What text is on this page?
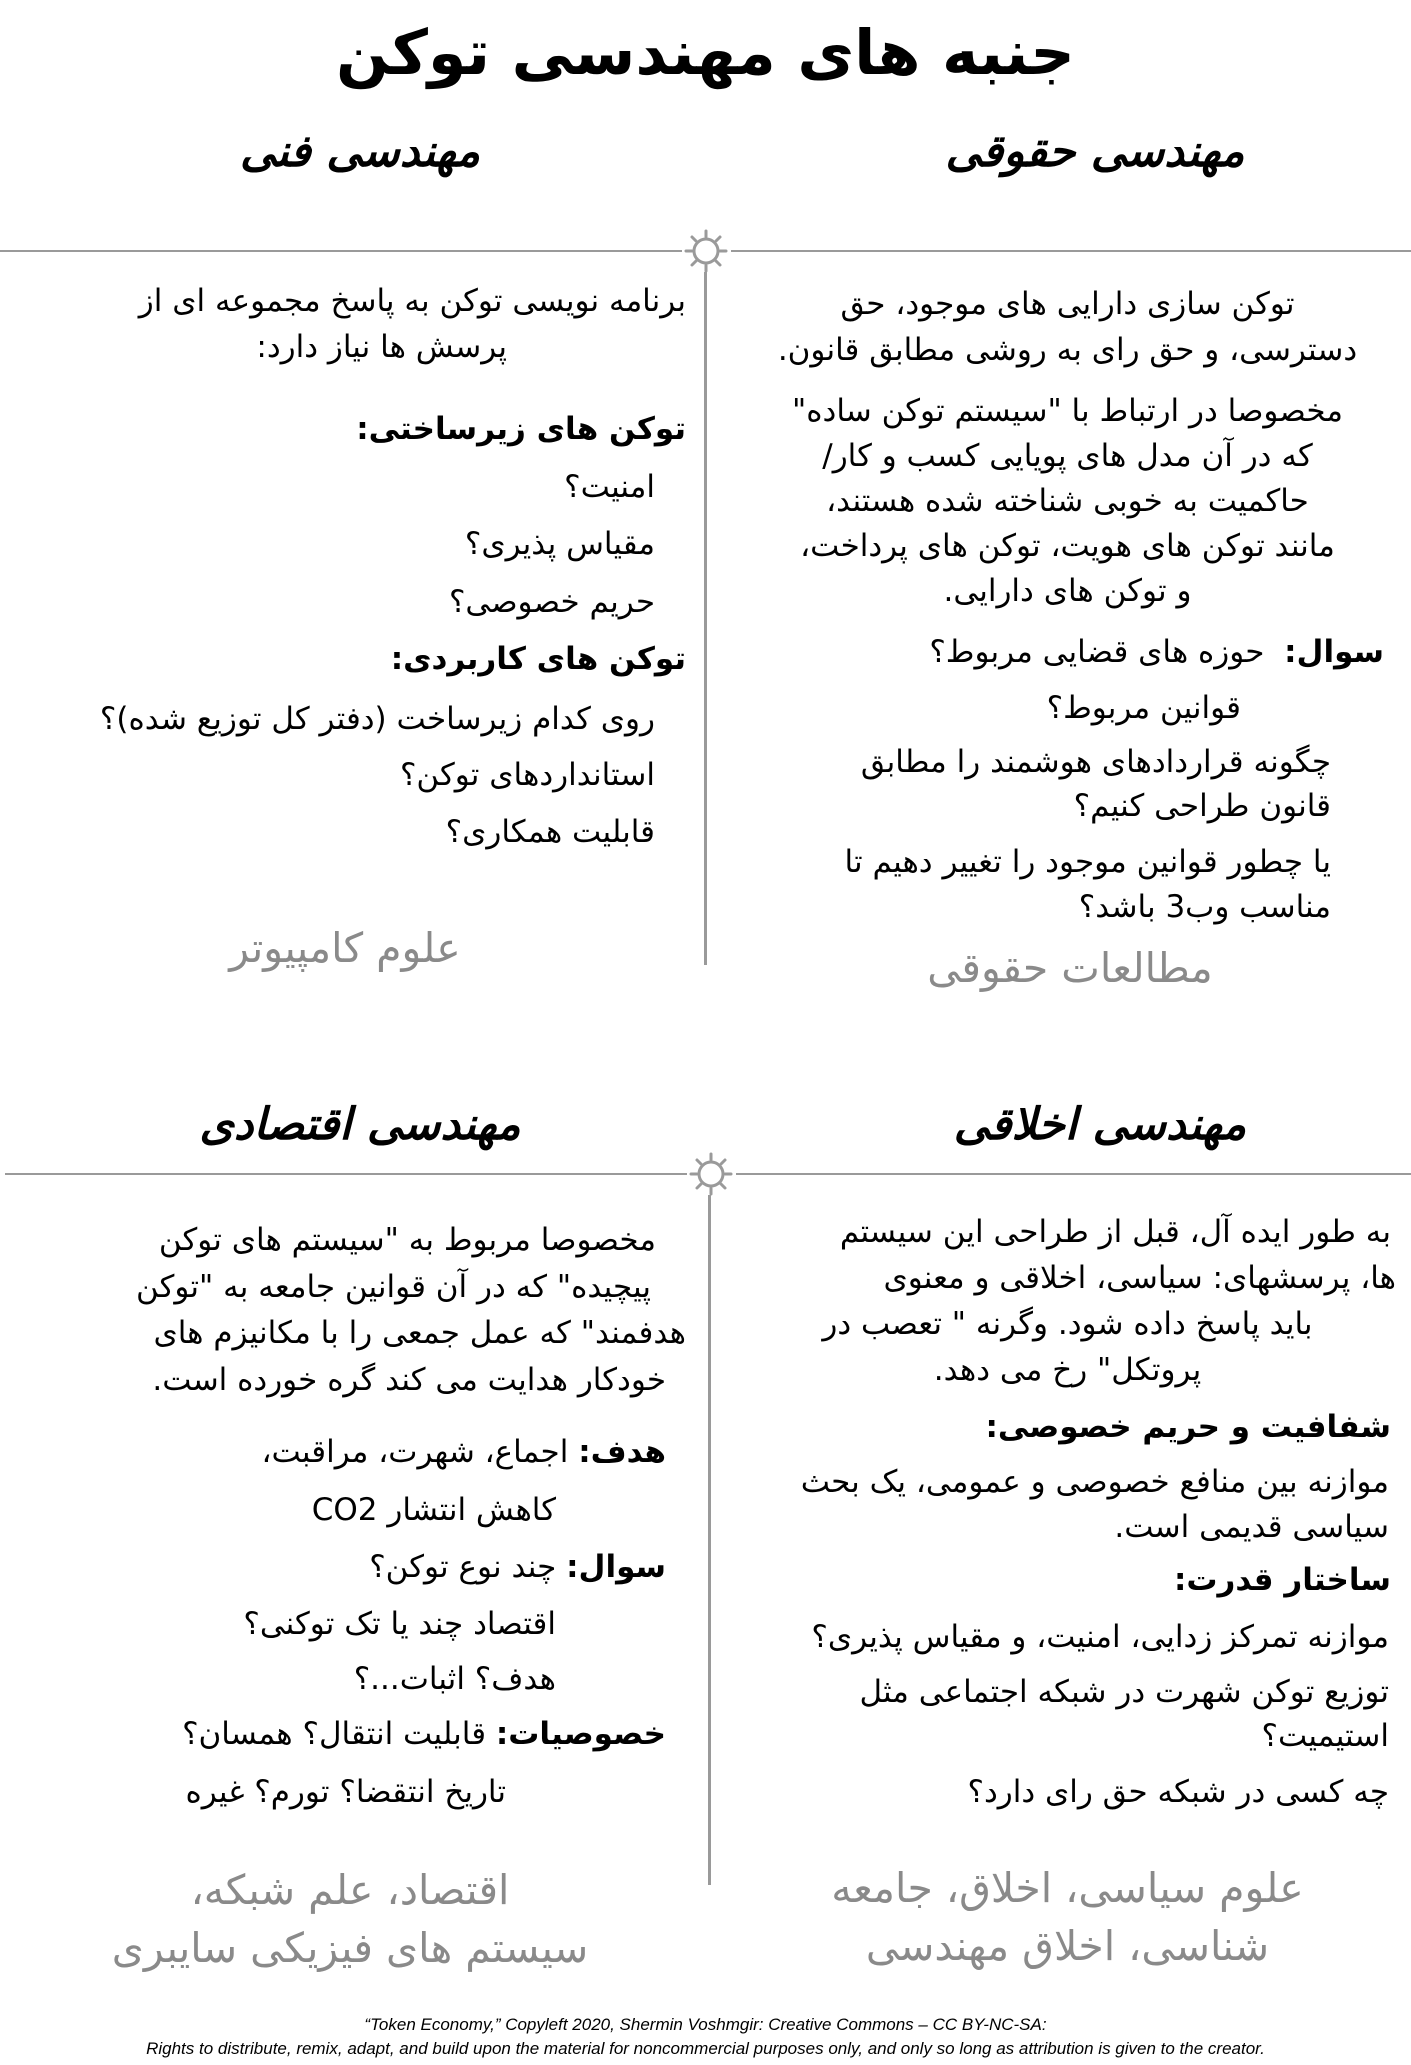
جنبه های مهندسی توکن
مهندسی فنی	مهندسی حقوقی
برنامه نویسی توکن به پاسخ مجموعه ای از
پرسش ها نیاز دارد:
توکن های زیرساختی:
امنیت؟
مقیاس پذیری؟
حریم خصوصی؟
توکن های کاربردی:
روی کدام زیرساخت (دفتر کل توزیع شده)؟
استانداردهای توکن؟
قابلیت همکاری؟
علوم کامپیوتر
توکن سازی دارایی های موجود، حق
دسترسی، و حق رای به روشی مطابق قانون.
مخصوصا در ارتباط با "سیستم توکن ساده"
که در آن مدل های پویایی کسب و کار/
حاکمیت به خوبی شناخته شده هستند،
مانند توکن های هویت، توکن های پرداخت،
و توکن های دارایی.
سوال:  حوزه های قضایی مربوط؟
قوانین مربوط؟
چگونه قراردادهای هوشمند را مطابق
قانون طراحی کنیم؟
یا چطور قوانین موجود را تغییر دهیم تا
مناسب وب3 باشد؟
مطالعات حقوقی
مهندسی اقتصادی	مهندسی اخلاقی
مخصوصا مربوط به "سیستم های توکن
پیچیده" که در آن قوانین جامعه به "توکن
هدفمند" که عمل جمعی را با مکانیزم های
خودکار هدایت می کند گره خورده است.
هدف: اجماع، شهرت، مراقبت،
کاهش انتشار CO2
سوال: چند نوع توکن؟
اقتصاد چند یا تک توکنی؟
هدف؟ اثبات...؟
خصوصیات: قابلیت انتقال؟ همسان؟
تاریخ انتقضا؟ تورم؟ غیره
اقتصاد، علم شبکه،
سیستم های فیزیکی سایبری
به طور ایده آل، قبل از طراحی این سیستم
ها، پرسشهای: سیاسی، اخلاقی و معنوی
باید پاسخ داده شود. وگرنه " تعصب در
پروتکل" رخ می دهد.
شفافیت و حریم خصوصی:
موازنه بین منافع خصوصی و عمومی، یک بحث
سیاسی قدیمی است.
ساختار قدرت:
موازنه تمرکز زدایی، امنیت، و مقیاس پذیری؟
توزیع توکن شهرت در شبکه اجتماعی مثل
استیمیت؟
چه کسی در شبکه حق رای دارد؟
علوم سیاسی، اخلاق، جامعه
شناسی، اخلاق مهندسی
“Token Economy,” Copyleft 2020, Shermin Voshmgir: Creative Commons – CC BY-NC-SA:
Rights to distribute, remix, adapt, and build upon the material for noncommercial purposes only, and only so long as attribution is given to the creator.
